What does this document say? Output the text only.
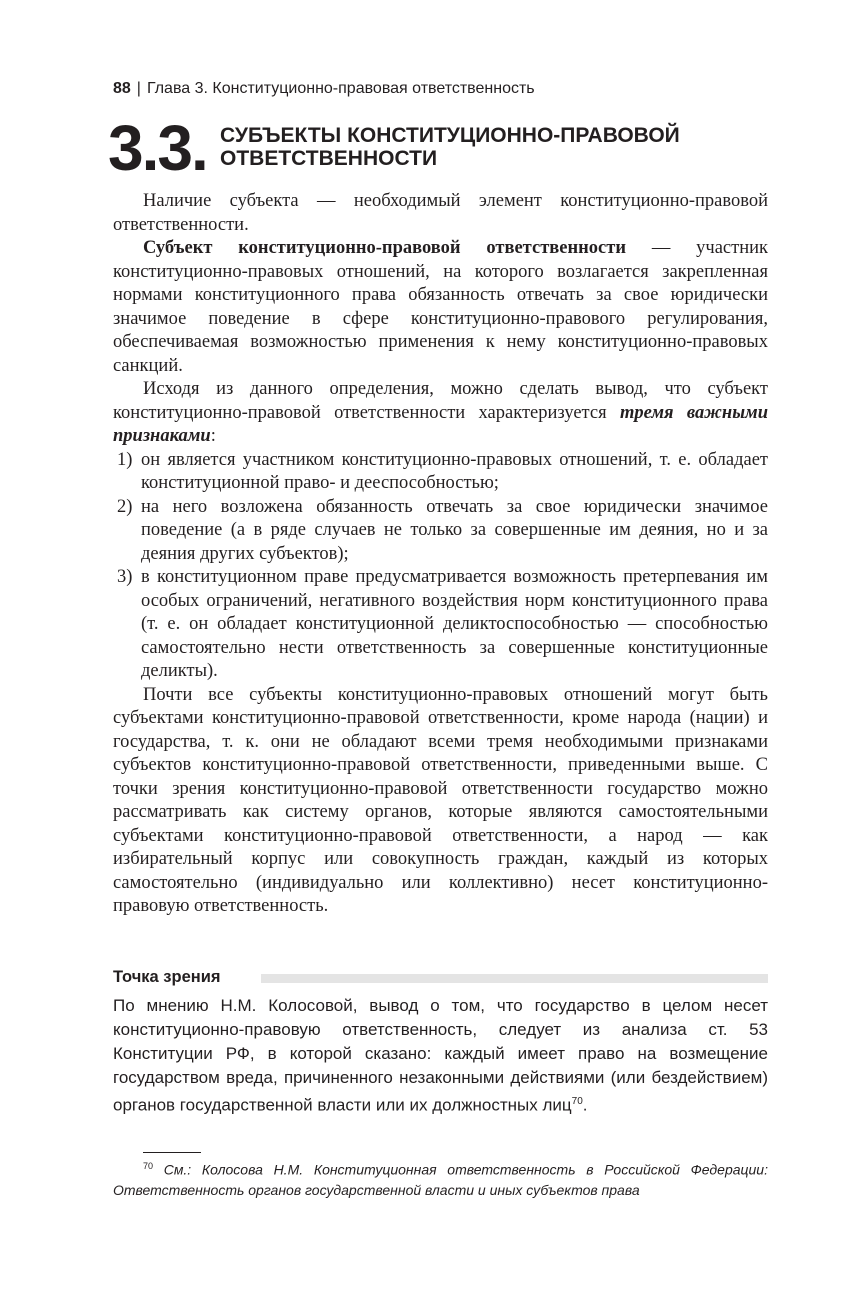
88 | Глава 3. Конституционно-правовая ответственность
3.3. СУБЪЕКТЫ КОНСТИТУЦИОННО-ПРАВОВОЙ ОТВЕТСТВЕННОСТИ

Наличие субъекта — необходимый элемент конституционно-правовой ответственности.

Субъект конституционно-правовой ответственности — участник конституционно-правовых отношений, на которого возлагается закрепленная нормами конституционного права обязанность отвечать за свое юридически значимое поведение в сфере конституционно-правового регулирования, обеспечиваемая возможностью применения к нему конституционно-правовых санкций.

Исходя из данного определения, можно сделать вывод, что субъект конституционно-правовой ответственности характеризуется тремя важными признаками:

1) он является участником конституционно-правовых отношений, т. е. обладает конституционной право- и дееспособностью;
2) на него возложена обязанность отвечать за свое юридически значимое поведение (а в ряде случаев не только за совершенные им деяния, но и за деяния других субъектов);
3) в конституционном праве предусматривается возможность претерпевания им особых ограничений, негативного воздействия норм конституционного права (т. е. он обладает конституционной деликтоспособностью — способностью самостоятельно нести ответственность за совершенные конституционные деликты).

Почти все субъекты конституционно-правовых отношений могут быть субъектами конституционно-правовой ответственности, кроме народа (нации) и государства, т. к. они не обладают всеми тремя необходимыми признаками субъектов конституционно-правовой ответственности, приведенными выше. С точки зрения конституционно-правовой ответственности государство можно рассматривать как систему органов, которые являются самостоятельными субъектами конституционно-правовой ответственности, а народ — как избирательный корпус или совокупность граждан, каждый из которых самостоятельно (индивидуально или коллективно) несет конституционно-правовую ответственность.

Точка зрения

По мнению Н.М. Колосовой, вывод о том, что государство в целом несет конституционно-правовую ответственность, следует из анализа ст. 53 Конституции РФ, в которой сказано: каждый имеет право на возмещение государством вреда, причиненного незаконными действиями (или бездействием) органов государственной власти или их должностных лиц$^{70}$.

$^{70}$ См.: Колосова Н.М. Конституционная ответственность в Российской Федерации: Ответственность органов государственной власти и иных субъектов права
